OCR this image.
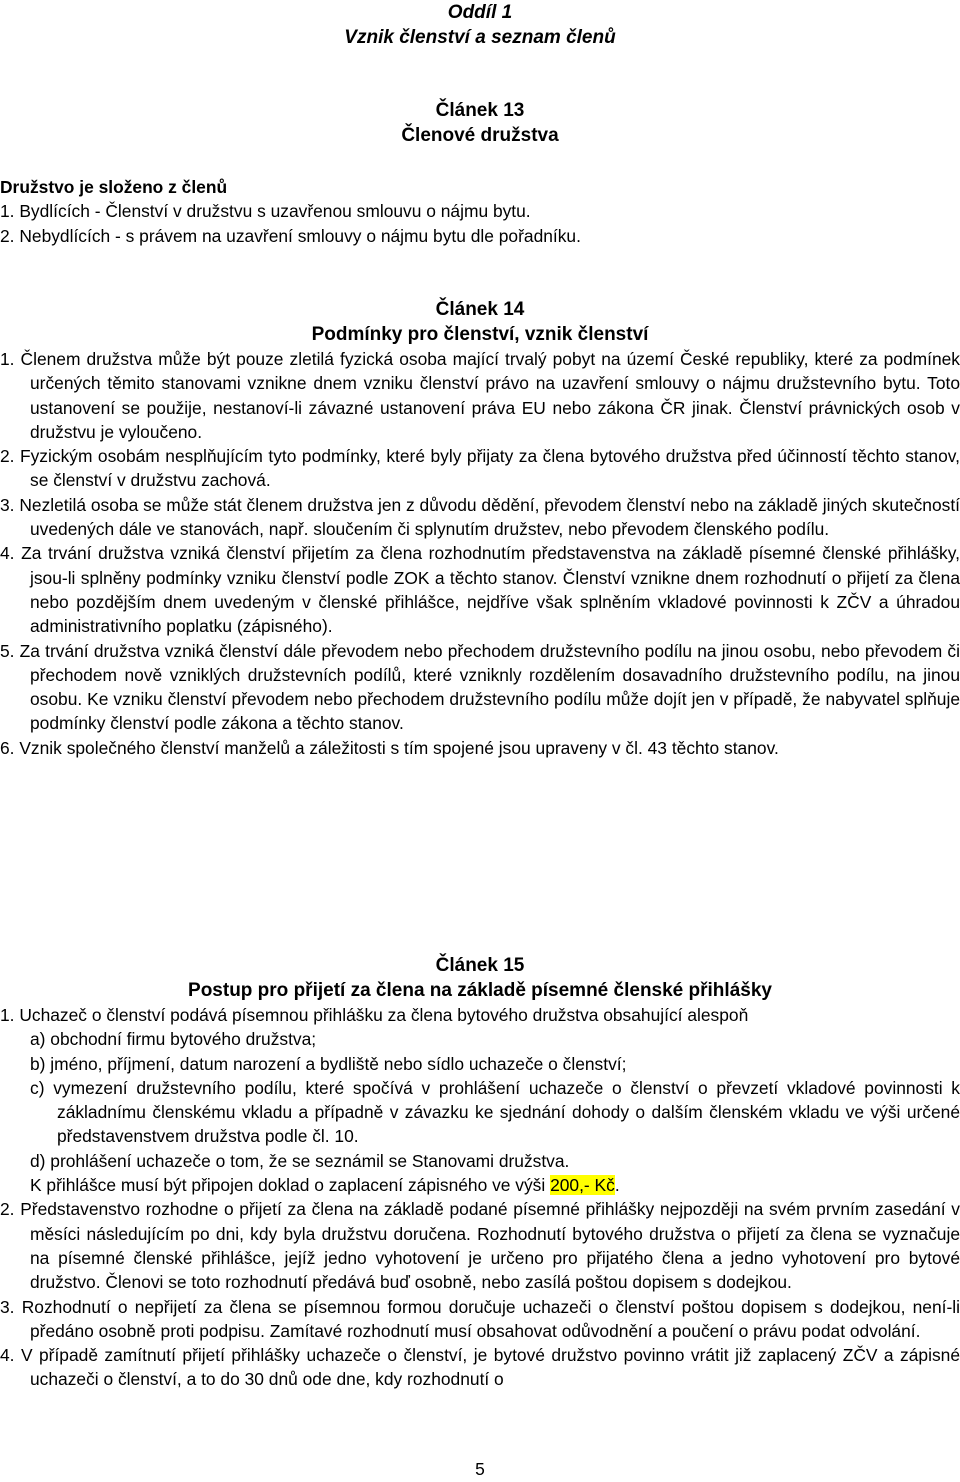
Oddíl 1
Vznik členství a seznam členů
Článek 13
Členové družstva
Družstvo je složeno z členů
1. Bydlících - Členství v družstvu s uzavřenou smlouvu o nájmu bytu.
2. Nebydlících - s právem na uzavření smlouvy o nájmu bytu dle pořadníku.
Článek 14
Podmínky pro členství, vznik členství
1. Členem družstva může být pouze zletilá fyzická osoba mající trvalý pobyt na území České republiky, které za podmínek určených těmito stanovami vznikne dnem vzniku členství právo na uzavření smlouvy o nájmu družstevního bytu. Toto ustanovení se použije, nestanoví-li závazné ustanovení práva EU nebo zákona ČR jinak. Členství právnických osob v družstvu je vyloučeno.
2. Fyzickým osobám nesplňujícím tyto podmínky, které byly přijaty za člena bytového družstva před účinností těchto stanov, se členství v družstvu zachová.
3. Nezletilá osoba se může stát členem družstva jen z důvodu dědění, převodem členství nebo na základě jiných skutečností uvedených dále ve stanovách, např. sloučením či splynutím družstev, nebo převodem členského podílu.
4. Za trvání družstva vzniká členství přijetím za člena rozhodnutím představenstva na základě písemné členské přihlášky, jsou-li splněny podmínky vzniku členství podle ZOK a těchto stanov. Členství vznikne dnem rozhodnutí o přijetí za člena nebo pozdějším dnem uvedeným v členské přihlášce, nejdříve však splněním vkladové povinnosti k ZČV a úhradou administrativního poplatku (zápisného).
5. Za trvání družstva vzniká členství dále převodem nebo přechodem družstevního podílu na jinou osobu, nebo převodem či přechodem nově vzniklých družstevních podílů, které vzniknly rozdělením dosavadního družstevního podílu, na jinou osobu. Ke vzniku členství převodem nebo přechodem družstevního podílu může dojít jen v případě, že nabyvatel splňuje podmínky členství podle zákona a těchto stanov.
6. Vznik společného členství manželů a záležitosti s tím spojené jsou upraveny v čl. 43 těchto stanov.
Článek 15
Postup pro přijetí za člena na základě písemné členské přihlášky
1. Uchazeč o členství podává písemnou přihlášku za člena bytového družstva obsahující alespoň
a) obchodní firmu bytového družstva;
b) jméno, příjmení, datum narození a bydliště nebo sídlo uchazeče o členství;
c) vymezení družstevního podílu, které spočívá v prohlášení uchazeče o členství o převzetí vkladové povinnosti k základnímu členskému vkladu a případně v závazku ke sjednání dohody o dalším členském vkladu ve výši určené představenstvem družstva podle čl. 10.
d) prohlášení uchazeče o tom, že se seznámil se Stanovami družstva.
K přihlášce musí být připojen doklad o zaplacení zápisného ve výši 200,- Kč.
2. Představenstvo rozhodne o přijetí za člena na základě podané písemné přihlášky nejpozději na svém prvním zasedání v měsíci následujícím po dni, kdy byla družstvu doručena. Rozhodnutí bytového družstva o přijetí za člena se vyznačuje na písemné členské přihlášce, jejíž jedno vyhotovení je určeno pro přijatého člena a jedno vyhotovení pro bytové družstvo. Členovi se toto rozhodnutí předává buď osobně, nebo zasílá poštou dopisem s dodejkou.
3. Rozhodnutí o nepřijetí za člena se písemnou formou doručuje uchazeči o členství poštou dopisem s dodejkou, není-li předáno osobně proti podpisu. Zamítavé rozhodnutí musí obsahovat odůvodnění a poučení o právu podat odvolání.
4. V případě zamítnutí přijetí přihlášky uchazeče o členství, je bytové družstvo povinno vrátit již zaplacený ZČV a zápisné uchazeči o členství, a to do 30 dnů ode dne, kdy rozhodnutí o
5
